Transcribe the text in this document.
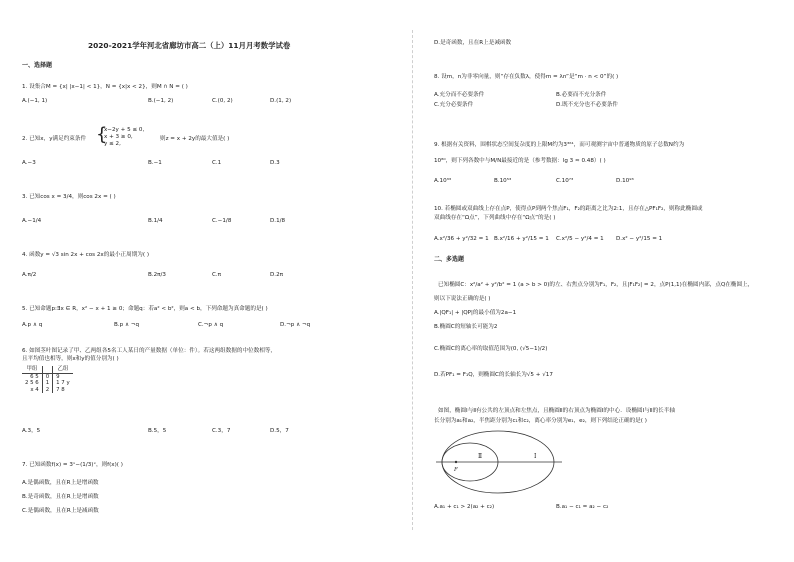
2020-2021学年河北省廊坊市高二（上）11月月考数学试卷
一、选择题
1. 设集合M = {x| |x−1| < 1}，N = {x|x < 2}，则M ∩ N = ( )
A.(−1, 1)	B.(−1, 2)	C.(0, 2)	D.(1, 2)
2. 已知x，y满足约束条件 {
x−2y + 5 ≤ 0,
x + 3 ≥ 0,
y ≤ 2,
则z = x + 2y的最大值是( )
A.−3	B.−1	C.1	D.3
3. 已知cos x = 3/4，则cos 2x = ( )
A.−1/4	B.1/4	C.−1/8	D.1/8
4. 函数y = √3 sin 2x + cos 2x的最小正周期为( )
A.π/2	B.2π/3	C.π	D.2π
5. 已知命题p:∃x ∈ R，x² − x + 1 ≥ 0；命题q：若a² < b²，则a < b，下列命题为真命题的是( )
A.p ∧ q	B.p ∧ ¬q	C.¬p ∧ q	D.¬p ∧ ¬q
6. 如图茎叶图记录了甲、乙两组各5名工人某日的产量数据（单位：件）。若这两组数据的中位数相等，
且平均值也相等，则x和y的值分别为( )
甲组		乙组
6 5	0	9
2 5 6	1	1 7 y
x 4	2	7 8
A.3，5	B.5，5	C.3，7	D.5，7
7. 已知函数f(x) = 3ˣ−(1/3)ˣ，则f(x)( )
A.是偶函数，且在R上是增函数
B.是奇函数，且在R上是增函数
C.是偶函数，且在R上是减函数
D.是奇函数，且在R上是减函数
8. 设m，n为非零向量，则“存在负数λ，使得m = λn”是“m · n < 0”的( )
A.充分而不必要条件	B.必要而不充分条件
C.充分必要条件	D.既不充分也不必要条件
9. 根据有关资料，围棋状态空间复杂度的上限M约为3³⁶¹，而可观测宇宙中普通物质的原子总数N约为
10⁸⁰，则下列各数中与M/N最接近的是（参考数据：lg 3 ≈ 0.48）( )
A.10³³	B.10⁵³	C.10⁷³	D.10⁹³
10. 若椭圆或双曲线上存在点P，使得点P到两个焦点F₁，F₂的距离之比为2:1，且存在△PF₁F₂，则称此椭圆或
双曲线存在“Ω点”，下列曲线中存在“Ω点”的是( )
A.x²/36 + y²/32 = 1 B.x²/16 + y²/15 = 1 C.x²/5 − y²/4 = 1 D.x² − y²/15 = 1
二、多选题
已知椭圆C：x²/a² + y²/b² = 1 (a > b > 0)的左、右焦点分别为F₁，F₂，且|F₁F₂| = 2，点P(1,1)在椭圆内部，点Q在椭圆上，
则以下说法正确的是( )
A.|QF₁| + |QP|的最小值为2a−1
B.椭圆C的短轴长可能为2
C.椭圆C的离心率的取值范围为(0, (√5−1)/2)
D.若PF₁ = F₁Q，则椭圆C的长轴长为√5 + √17
如图，椭圆Ⅰ与Ⅱ有公共的左顶点和左焦点，且椭圆Ⅱ的右顶点为椭圆Ⅰ的中心．设椭圆Ⅰ与Ⅱ的长半轴
长分别为a₁和a₂，半焦距分别为c₁和c₂，离心率分别为e₁，e₂，则下列结论正确的是( )
Ⅱ	Ⅰ
F
A.a₁ + c₁ > 2(a₂ + c₂)	B.a₁ − c₁ = a₂ − c₂
